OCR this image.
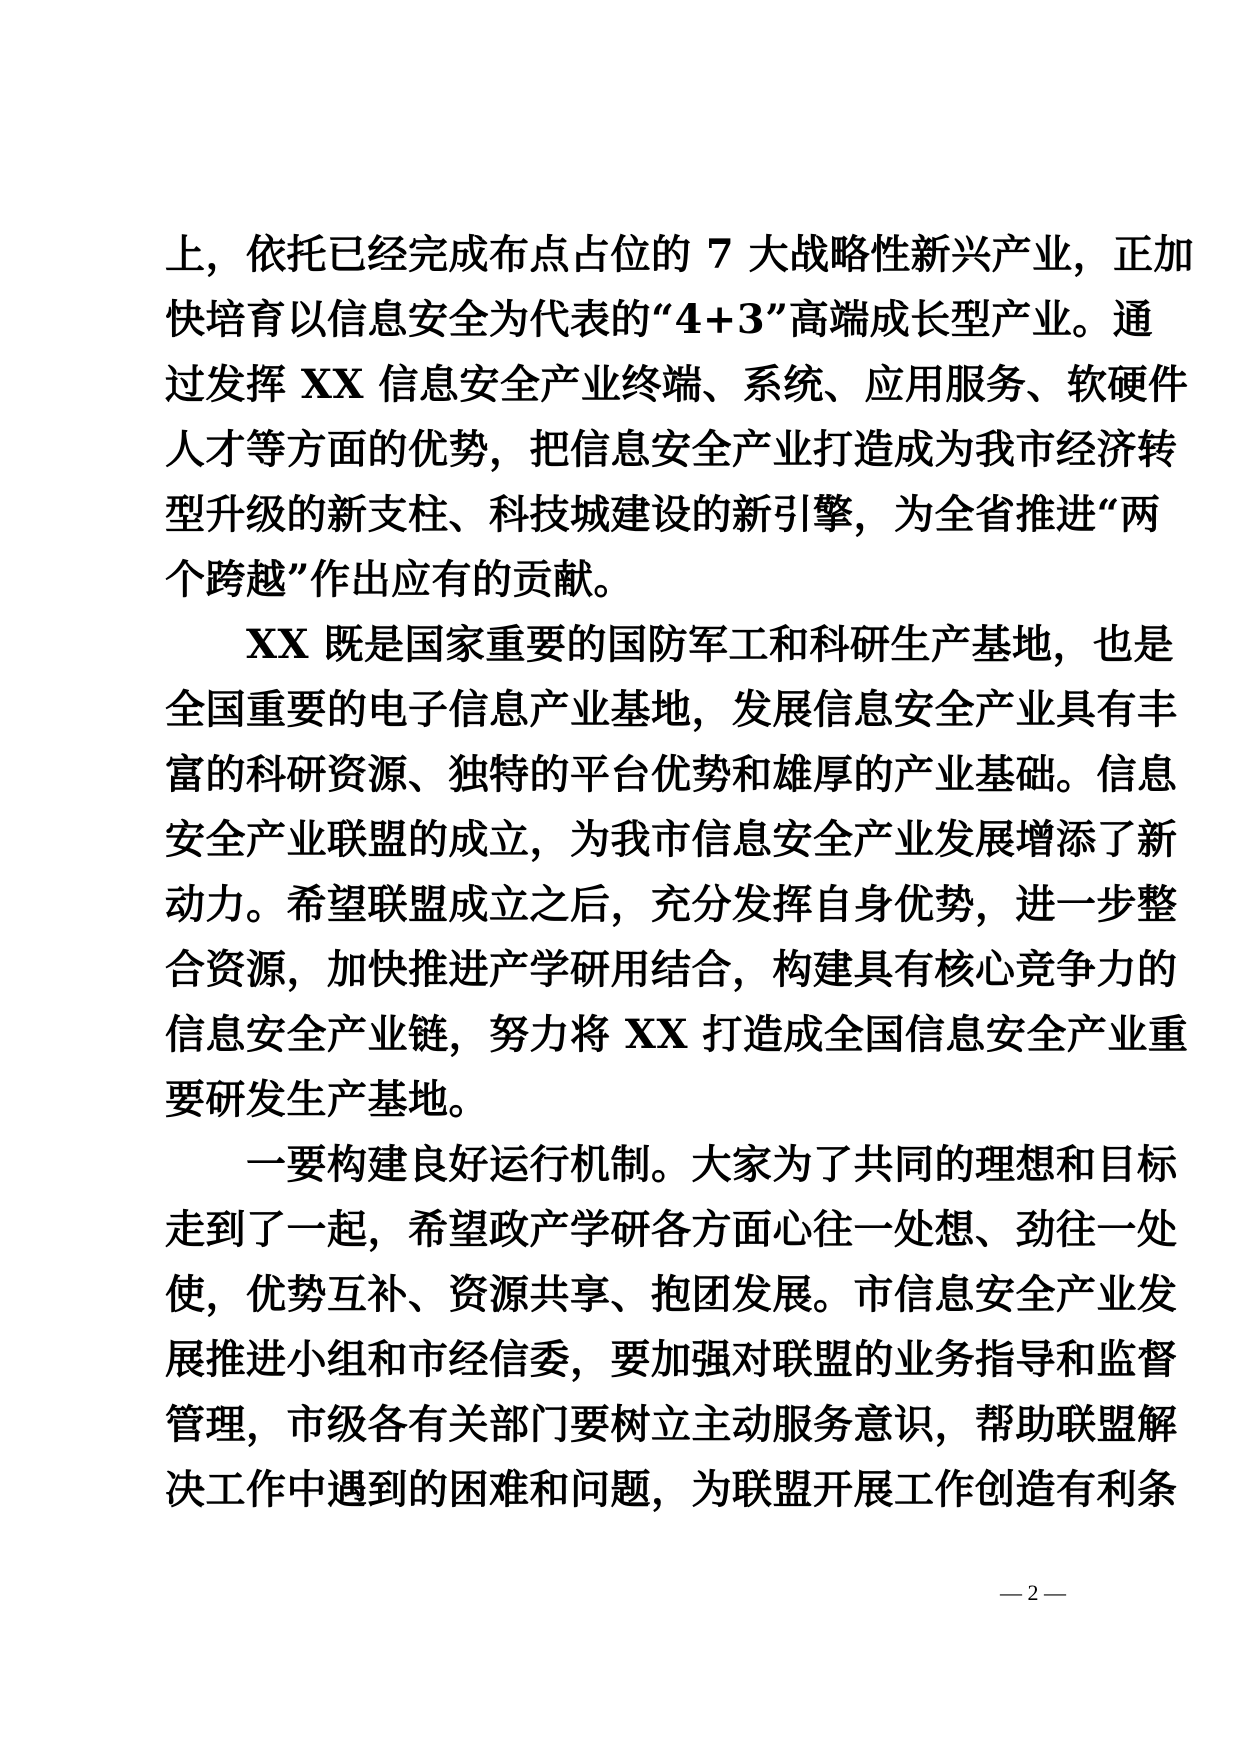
上，依托已经完成布点占位的 7 大战略性新兴产业，正加
快培育以信息安全为代表的“4+3”高端成长型产业。通
过发挥 XX 信息安全产业终端、系统、应用服务、软硬件
人才等方面的优势，把信息安全产业打造成为我市经济转
型升级的新支柱、科技城建设的新引擎，为全省推进“两
个跨越”作出应有的贡献。
　　XX 既是国家重要的国防军工和科研生产基地，也是
全国重要的电子信息产业基地，发展信息安全产业具有丰
富的科研资源、独特的平台优势和雄厚的产业基础。信息
安全产业联盟的成立，为我市信息安全产业发展增添了新
动力。希望联盟成立之后，充分发挥自身优势，进一步整
合资源，加快推进产学研用结合，构建具有核心竞争力的
信息安全产业链，努力将 XX 打造成全国信息安全产业重
要研发生产基地。
　　一要构建良好运行机制。大家为了共同的理想和目标
走到了一起，希望政产学研各方面心往一处想、劲往一处
使，优势互补、资源共享、抱团发展。市信息安全产业发
展推进小组和市经信委，要加强对联盟的业务指导和监督
管理，市级各有关部门要树立主动服务意识，帮助联盟解
决工作中遇到的困难和问题，为联盟开展工作创造有利条
— 2 —
